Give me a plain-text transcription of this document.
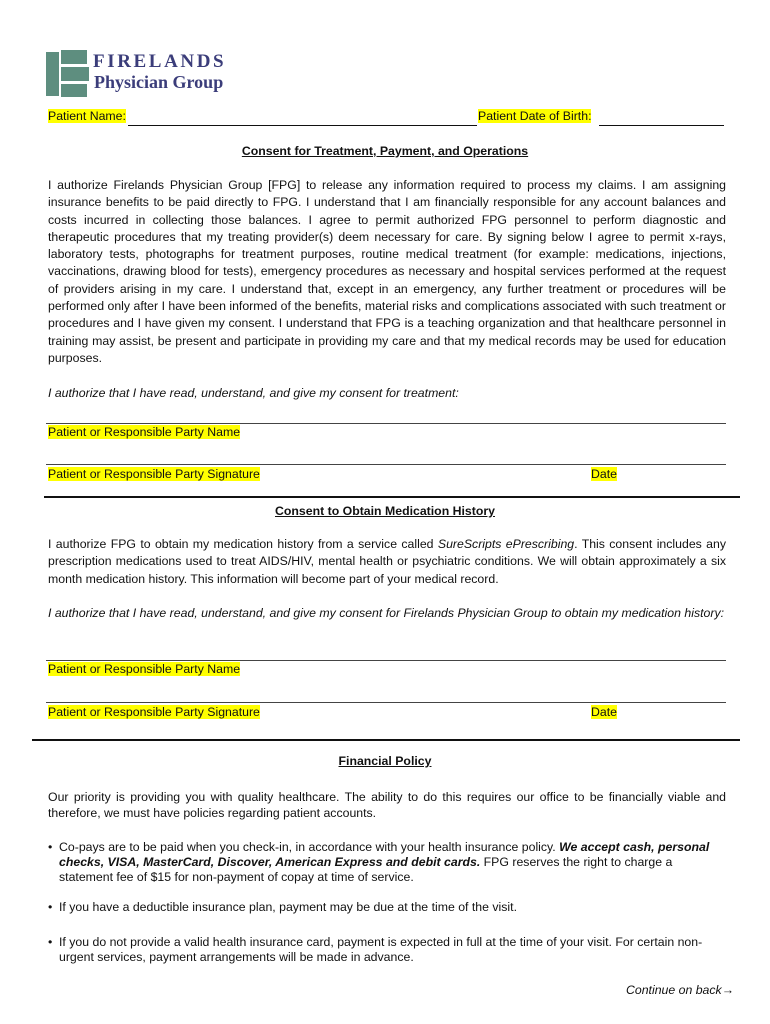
FIRELANDS
Physician Group
Patient Name:	Patient Date of Birth:
Consent for Treatment, Payment, and Operations
I authorize Firelands Physician Group [FPG] to release any information required to process my claims. I am assigning insurance benefits to be paid directly to FPG. I understand that I am financially responsible for any account balances and costs incurred in collecting those balances. I agree to permit authorized FPG personnel to perform diagnostic and therapeutic procedures that my treating provider(s) deem necessary for care. By signing below I agree to permit x-rays, laboratory tests, photographs for treatment purposes, routine medical treatment (for example: medications, injections, vaccinations, drawing blood for tests), emergency procedures as necessary and hospital services performed at the request of providers arising in my care. I understand that, except in an emergency, any further treatment or procedures will be performed only after I have been informed of the benefits, material risks and complications associated with such treatment or procedures and I have given my consent. I understand that FPG is a teaching organization and that healthcare personnel in training may assist, be present and participate in providing my care and that my medical records may be used for education purposes.
I authorize that I have read, understand, and give my consent for treatment:
Patient or Responsible Party Name
Patient or Responsible Party Signature	Date
Consent to Obtain Medication History
I authorize FPG to obtain my medication history from a service called SureScripts ePrescribing. This consent includes any prescription medications used to treat AIDS/HIV, mental health or psychiatric conditions. We will obtain approximately a six month medication history. This information will become part of your medical record.
I authorize that I have read, understand, and give my consent for Firelands Physician Group to obtain my medication history:
Patient or Responsible Party Name
Patient or Responsible Party Signature	Date
Financial Policy
Our priority is providing you with quality healthcare. The ability to do this requires our office to be financially viable and therefore, we must have policies regarding patient accounts.
• Co-pays are to be paid when you check-in, in accordance with your health insurance policy. We accept cash, personal checks, VISA, MasterCard, Discover, American Express and debit cards. FPG reserves the right to charge a statement fee of $15 for non-payment of copay at time of service.
• If you have a deductible insurance plan, payment may be due at the time of the visit.
• If you do not provide a valid health insurance card, payment is expected in full at the time of your visit. For certain non-urgent services, payment arrangements will be made in advance.
Continue on back→
